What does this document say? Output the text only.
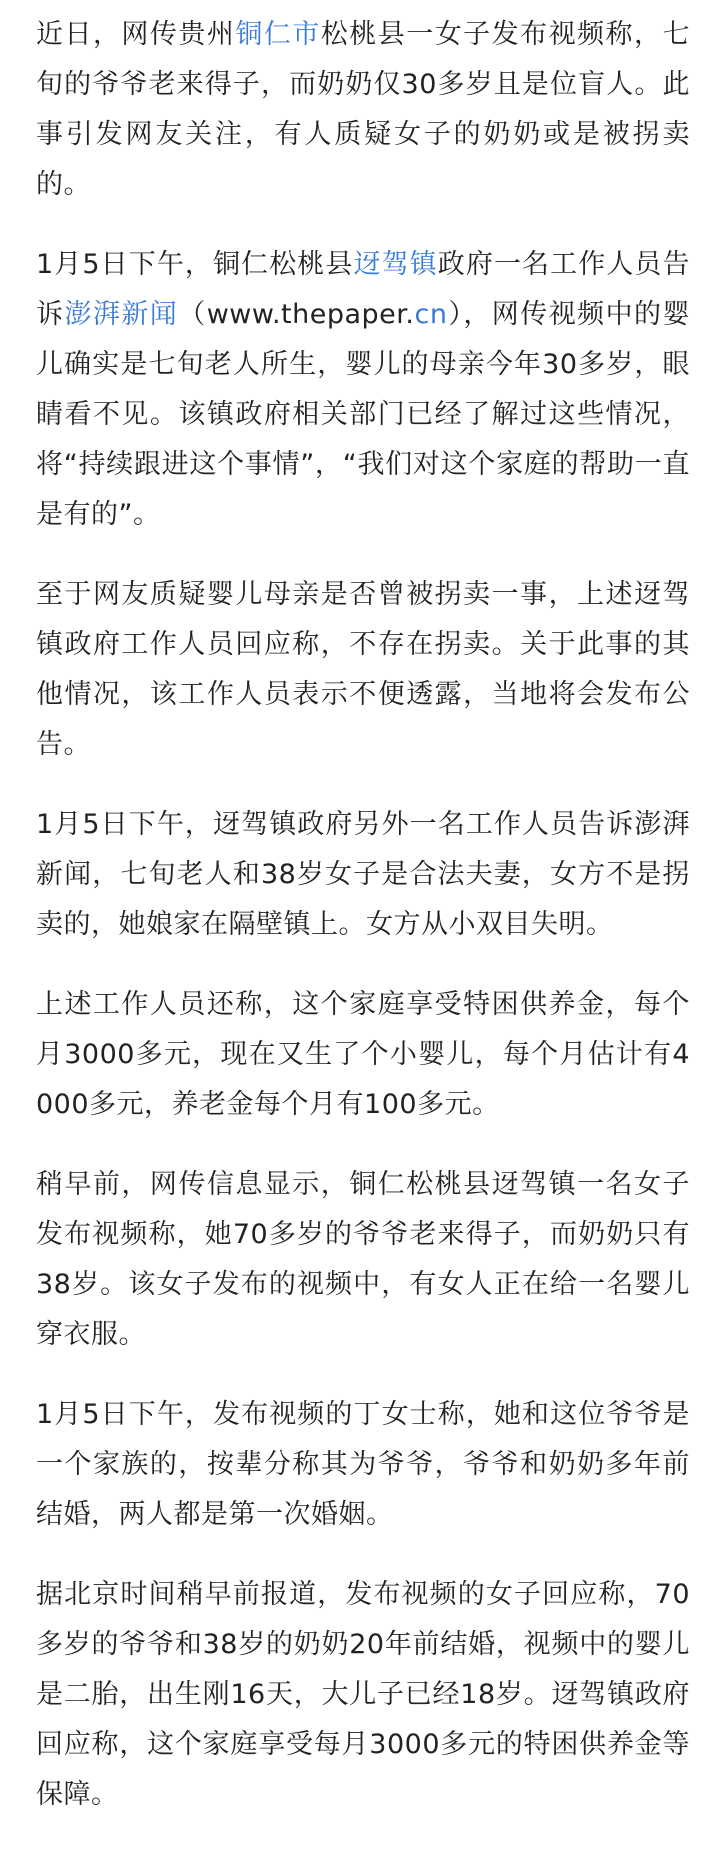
近日，网传贵州铜仁市松桃县一女子发布视频称，七旬的爷爷老来得子，而奶奶仅30多岁且是位盲人。此事引发网友关注，有人质疑女子的奶奶或是被拐卖的。

1月5日下午，铜仁松桃县迓驾镇政府一名工作人员告诉澎湃新闻（www.thepaper.cn），网传视频中的婴儿确实是七旬老人所生，婴儿的母亲今年30多岁，眼睛看不见。该镇政府相关部门已经了解过这些情况，将“持续跟进这个事情”，“我们对这个家庭的帮助一直是有的”。

至于网友质疑婴儿母亲是否曾被拐卖一事，上述迓驾镇政府工作人员回应称，不存在拐卖。关于此事的其他情况，该工作人员表示不便透露，当地将会发布公告。

1月5日下午，迓驾镇政府另外一名工作人员告诉澎湃新闻，七旬老人和38岁女子是合法夫妻，女方不是拐卖的，她娘家在隔壁镇上。女方从小双目失明。

上述工作人员还称，这个家庭享受特困供养金，每个月3000多元，现在又生了个小婴儿，每个月估计有4000多元，养老金每个月有100多元。

稍早前，网传信息显示，铜仁松桃县迓驾镇一名女子发布视频称，她70多岁的爷爷老来得子，而奶奶只有38岁。该女子发布的视频中，有女人正在给一名婴儿穿衣服。

1月5日下午，发布视频的丁女士称，她和这位爷爷是一个家族的，按辈分称其为爷爷，爷爷和奶奶多年前结婚，两人都是第一次婚姻。

据北京时间稍早前报道，发布视频的女子回应称，70多岁的爷爷和38岁的奶奶20年前结婚，视频中的婴儿是二胎，出生刚16天，大儿子已经18岁。迓驾镇政府回应称，这个家庭享受每月3000多元的特困供养金等保障。
